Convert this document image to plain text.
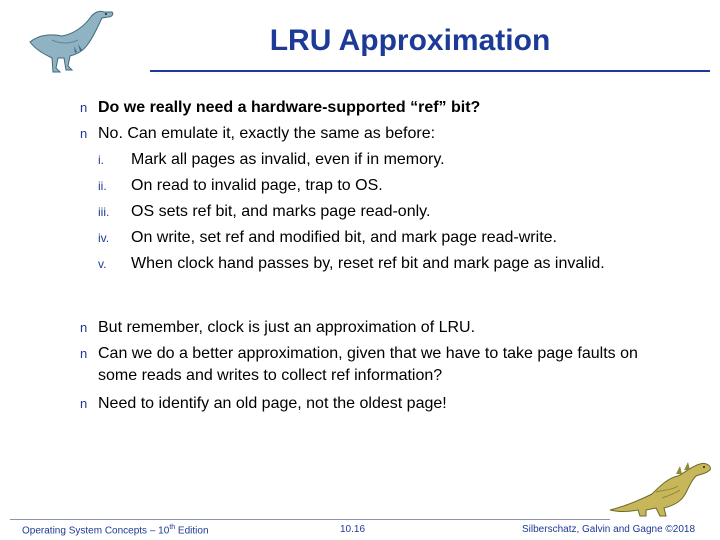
LRU Approximation
n Do we really need a hardware-supported “ref” bit?
n No. Can emulate it, exactly the same as before:
i.	Mark all pages as invalid, even if in memory.
ii.	On read to invalid page, trap to OS.
iii.	OS sets ref bit, and marks page read-only.
iv.	On write, set ref and modified bit, and mark page read-write.
v.	When clock hand passes by, reset ref bit and mark page as invalid.
n But remember, clock is just an approximation of LRU.
n Can we do a better approximation, given that we have to take page faults on
some reads and writes to collect ref information?
n Need to identify an old page, not the oldest page!
Operating System Concepts – 10th Edition	10.16	Silberschatz, Galvin and Gagne ©2018
